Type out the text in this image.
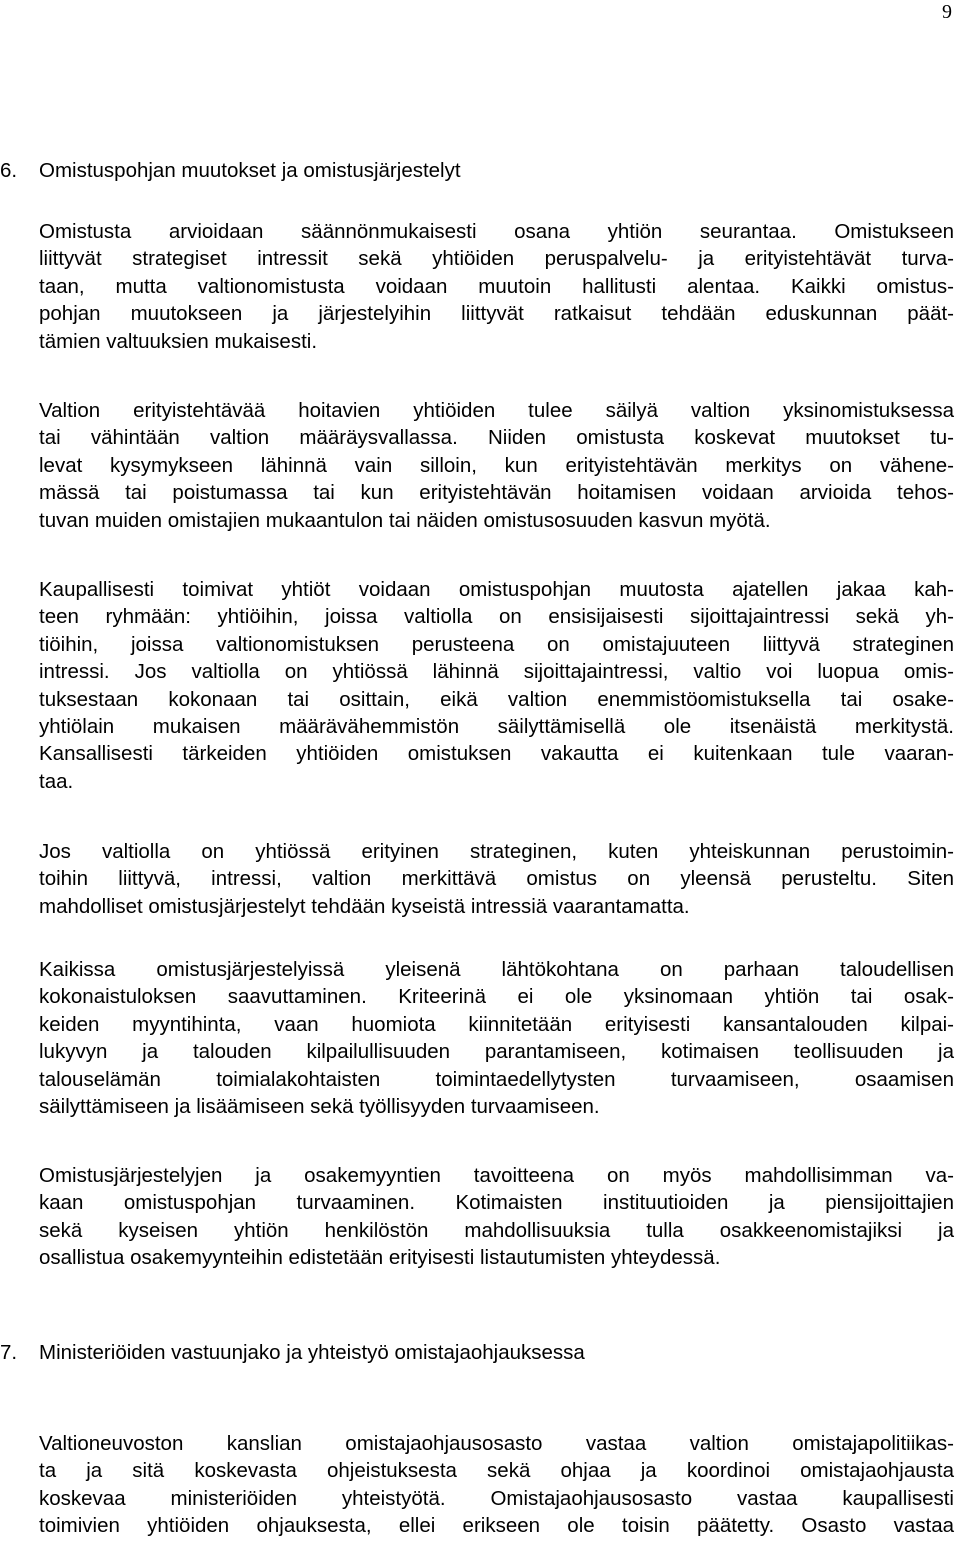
9
6. Omistuspohjan muutokset ja omistusjärjestelyt
Omistusta arvioidaan säännönmukaisesti osana yhtiön seurantaa. Omistukseen
liittyvät strategiset intressit sekä yhtiöiden peruspalvelu- ja erityistehtävät turva-
taan, mutta valtionomistusta voidaan muutoin hallitusti alentaa. Kaikki omistus-
pohjan muutokseen ja järjestelyihin liittyvät ratkaisut tehdään eduskunnan päät-
tämien valtuuksien mukaisesti.
Valtion erityistehtävää hoitavien yhtiöiden tulee säilyä valtion yksinomistuksessa
tai vähintään valtion määräysvallassa. Niiden omistusta koskevat muutokset tu-
levat kysymykseen lähinnä vain silloin, kun erityistehtävän merkitys on vähene-
mässä tai poistumassa tai kun erityistehtävän hoitamisen voidaan arvioida tehos-
tuvan muiden omistajien mukaantulon tai näiden omistusosuuden kasvun myötä.
Kaupallisesti toimivat yhtiöt voidaan omistuspohjan muutosta ajatellen jakaa kah-
teen ryhmään: yhtiöihin, joissa valtiolla on ensisijaisesti sijoittajaintressi sekä yh-
tiöihin, joissa valtionomistuksen perusteena on omistajuuteen liittyvä strateginen
intressi. Jos valtiolla on yhtiössä lähinnä sijoittajaintressi, valtio voi luopua omis-
tuksestaan kokonaan tai osittain, eikä valtion enemmistöomistuksella tai osake-
yhtiölain mukaisen määrävähemmistön säilyttämisellä ole itsenäistä merkitystä.
Kansallisesti tärkeiden yhtiöiden omistuksen vakautta ei kuitenkaan tule vaaran-
taa.
Jos valtiolla on yhtiössä erityinen strateginen, kuten yhteiskunnan perustoimin-
toihin liittyvä, intressi, valtion merkittävä omistus on yleensä perusteltu. Siten
mahdolliset omistusjärjestelyt tehdään kyseistä intressiä vaarantamatta.
Kaikissa omistusjärjestelyissä yleisenä lähtökohtana on parhaan taloudellisen
kokonaistuloksen saavuttaminen. Kriteerinä ei ole yksinomaan yhtiön tai osak-
keiden myyntihinta, vaan huomiota kiinnitetään erityisesti kansantalouden kilpai-
lukyvyn ja talouden kilpailullisuuden parantamiseen, kotimaisen teollisuuden ja
talouselämän toimialakohtaisten toimintaedellytysten turvaamiseen, osaamisen
säilyttämiseen ja lisäämiseen sekä työllisyyden turvaamiseen.
Omistusjärjestelyjen ja osakemyyntien tavoitteena on myös mahdollisimman va-
kaan omistuspohjan turvaaminen. Kotimaisten instituutioiden ja piensijoittajien
sekä kyseisen yhtiön henkilöstön mahdollisuuksia tulla osakkeenomistajiksi ja
osallistua osakemyynteihin edistetään erityisesti listautumisten yhteydessä.
7. Ministeriöiden vastuunjako ja yhteistyö omistajaohjauksessa
Valtioneuvoston kanslian omistajaohjausosasto vastaa valtion omistajapolitiikas-
ta ja sitä koskevasta ohjeistuksesta sekä ohjaa ja koordinoi omistajaohjausta
koskevaa ministeriöiden yhteistyötä. Omistajaohjausosasto vastaa kaupallisesti
toimivien yhtiöiden ohjauksesta, ellei erikseen ole toisin päätetty. Osasto vastaa
